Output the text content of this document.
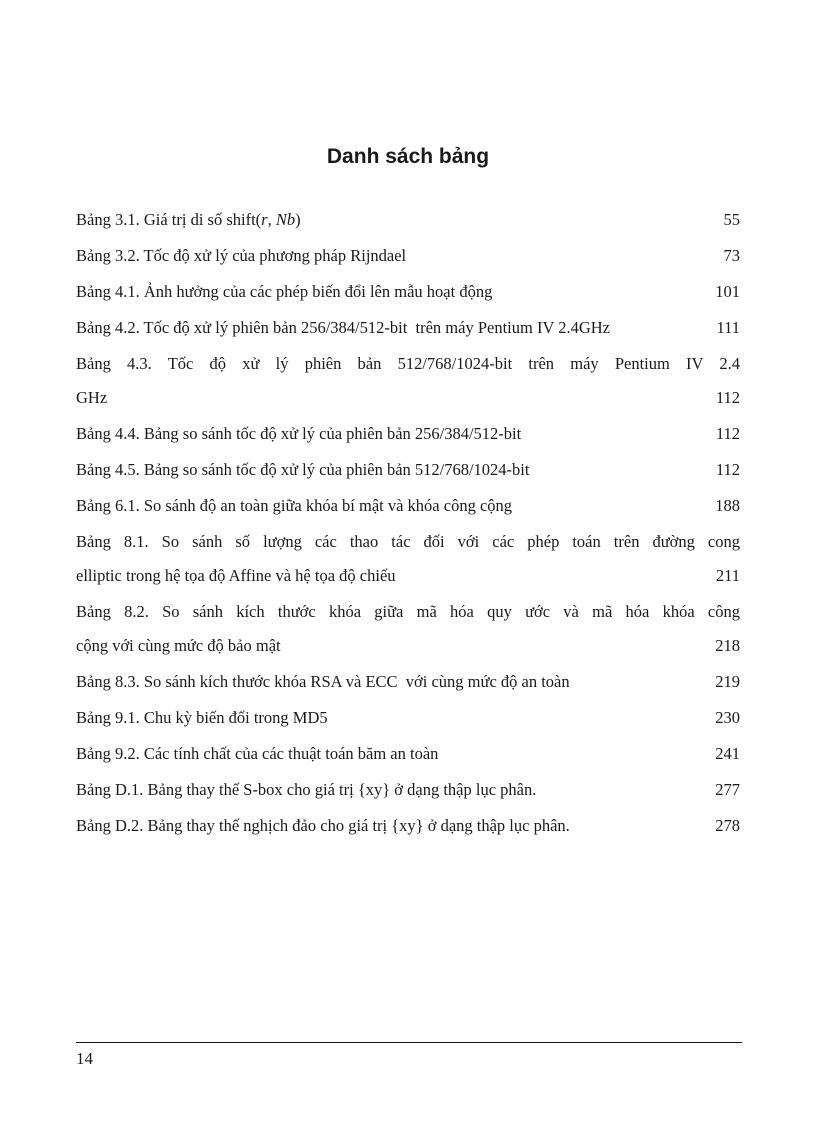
Danh sách bảng
Bảng 3.1. Giá trị di số shift(r, Nb)	55
Bảng 3.2. Tốc độ xử lý của phương pháp Rijndael	73
Bảng 4.1. Ảnh hưởng của các phép biến đổi lên mẫu hoạt động	101
Bảng 4.2. Tốc độ xử lý phiên bản 256/384/512-bit  trên máy Pentium IV 2.4GHz	111
Bảng 4.3. Tốc độ xử lý phiên bản 512/768/1024-bit trên máy Pentium IV 2.4
GHz	112
Bảng 4.4. Bảng so sánh tốc độ xử lý của phiên bản 256/384/512-bit	112
Bảng 4.5. Bảng so sánh tốc độ xử lý của phiên bản 512/768/1024-bit	112
Bảng 6.1. So sánh độ an toàn giữa khóa bí mật và khóa công cộng	188
Bảng 8.1. So sánh số lượng các thao tác đối với các phép toán trên đường cong
elliptic trong hệ tọa độ Affine và hệ tọa độ chiếu	211
Bảng 8.2. So sánh kích thước khóa giữa mã hóa quy ước và mã hóa khóa công
cộng với cùng mức độ bảo mật	218
Bảng 8.3. So sánh kích thước khóa RSA và ECC  với cùng mức độ an toàn	219
Bảng 9.1. Chu kỳ biến đổi trong MD5	230
Bảng 9.2. Các tính chất của các thuật toán băm an toàn	241
Bảng D.1. Bảng thay thế S-box cho giá trị {xy} ở dạng thập lục phân.	277
Bảng D.2. Bảng thay thế nghịch đảo cho giá trị {xy} ở dạng thập lục phân.	278
14
